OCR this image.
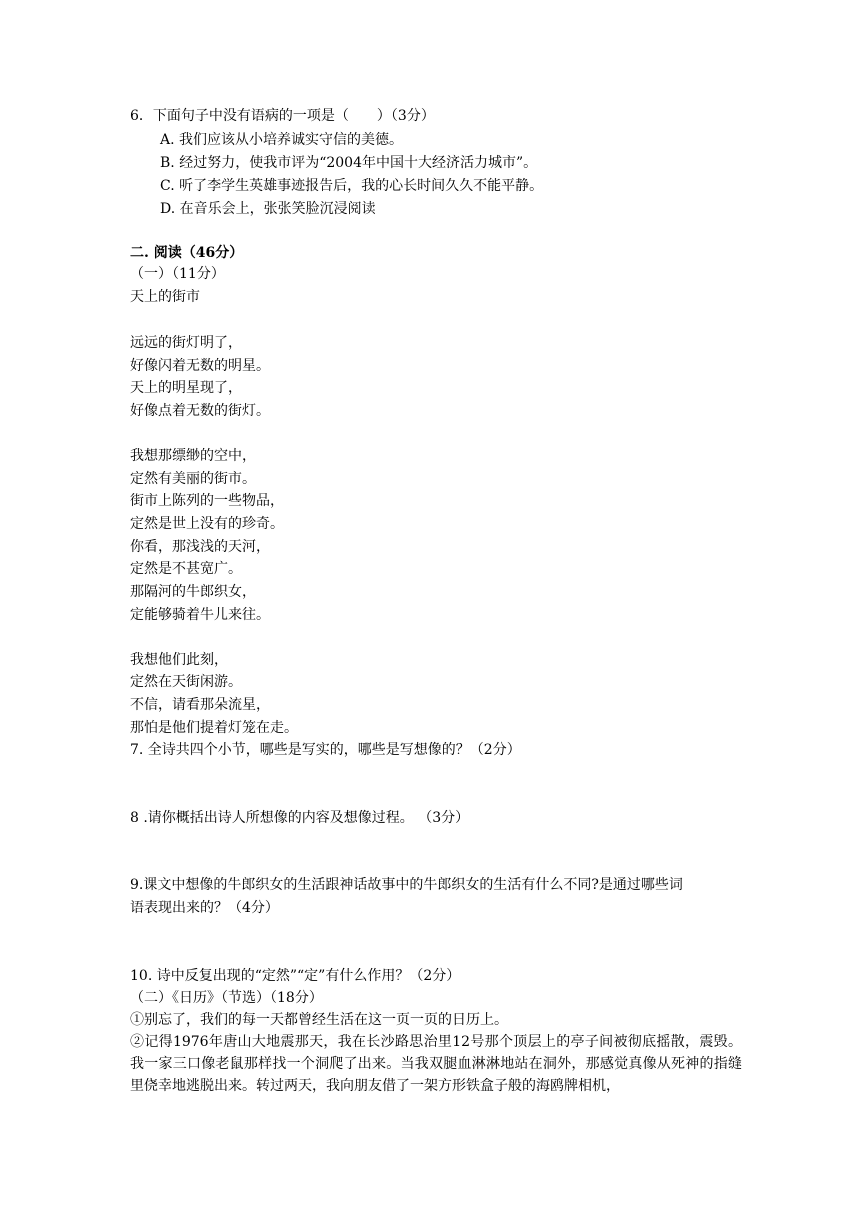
6．下面句子中没有语病的一项是（　　）（3分）
A. 我们应该从小培养诚实守信的美德。
B. 经过努力，使我市评为“2004年中国十大经济活力城市”。
C. 听了李学生英雄事迹报告后，我的心长时间久久不能平静。
D. 在音乐会上，张张笑脸沉浸阅读
二. 阅读（46分）
（一）（11分）
天上的街市
远远的街灯明了，
好像闪着无数的明星。
天上的明星现了，
好像点着无数的街灯。
我想那缥缈的空中，
定然有美丽的街市。
街市上陈列的一些物品，
定然是世上没有的珍奇。
你看，那浅浅的天河，
定然是不甚宽广。
那隔河的牛郎织女，
定能够骑着牛儿来往。
我想他们此刻，
定然在天街闲游。
不信，请看那朵流星，
那怕是他们提着灯笼在走。
7. 全诗共四个小节，哪些是写实的，哪些是写想像的？（2分）
8 .请你概括出诗人所想像的内容及想像过程。 （3分）
9.课文中想像的牛郎织女的生活跟神话故事中的牛郎织女的生活有什么不同?是通过哪些词
语表现出来的？（4分）
10. 诗中反复出现的“定然”“定”有什么作用？（2分）
（二）《日历》（节选）（18分）
①别忘了，我们的每一天都曾经生活在这一页一页的日历上。
②记得1976年唐山大地震那天，我在长沙路思治里12号那个顶层上的亭子间被彻底摇散，震毁。我一家三口像老鼠那样找一个洞爬了出来。当我双腿血淋淋地站在洞外，那感觉真像从死神的指缝里侥幸地逃脱出来。转过两天，我向朋友借了一架方形铁盒子般的海鸥牌相机，
